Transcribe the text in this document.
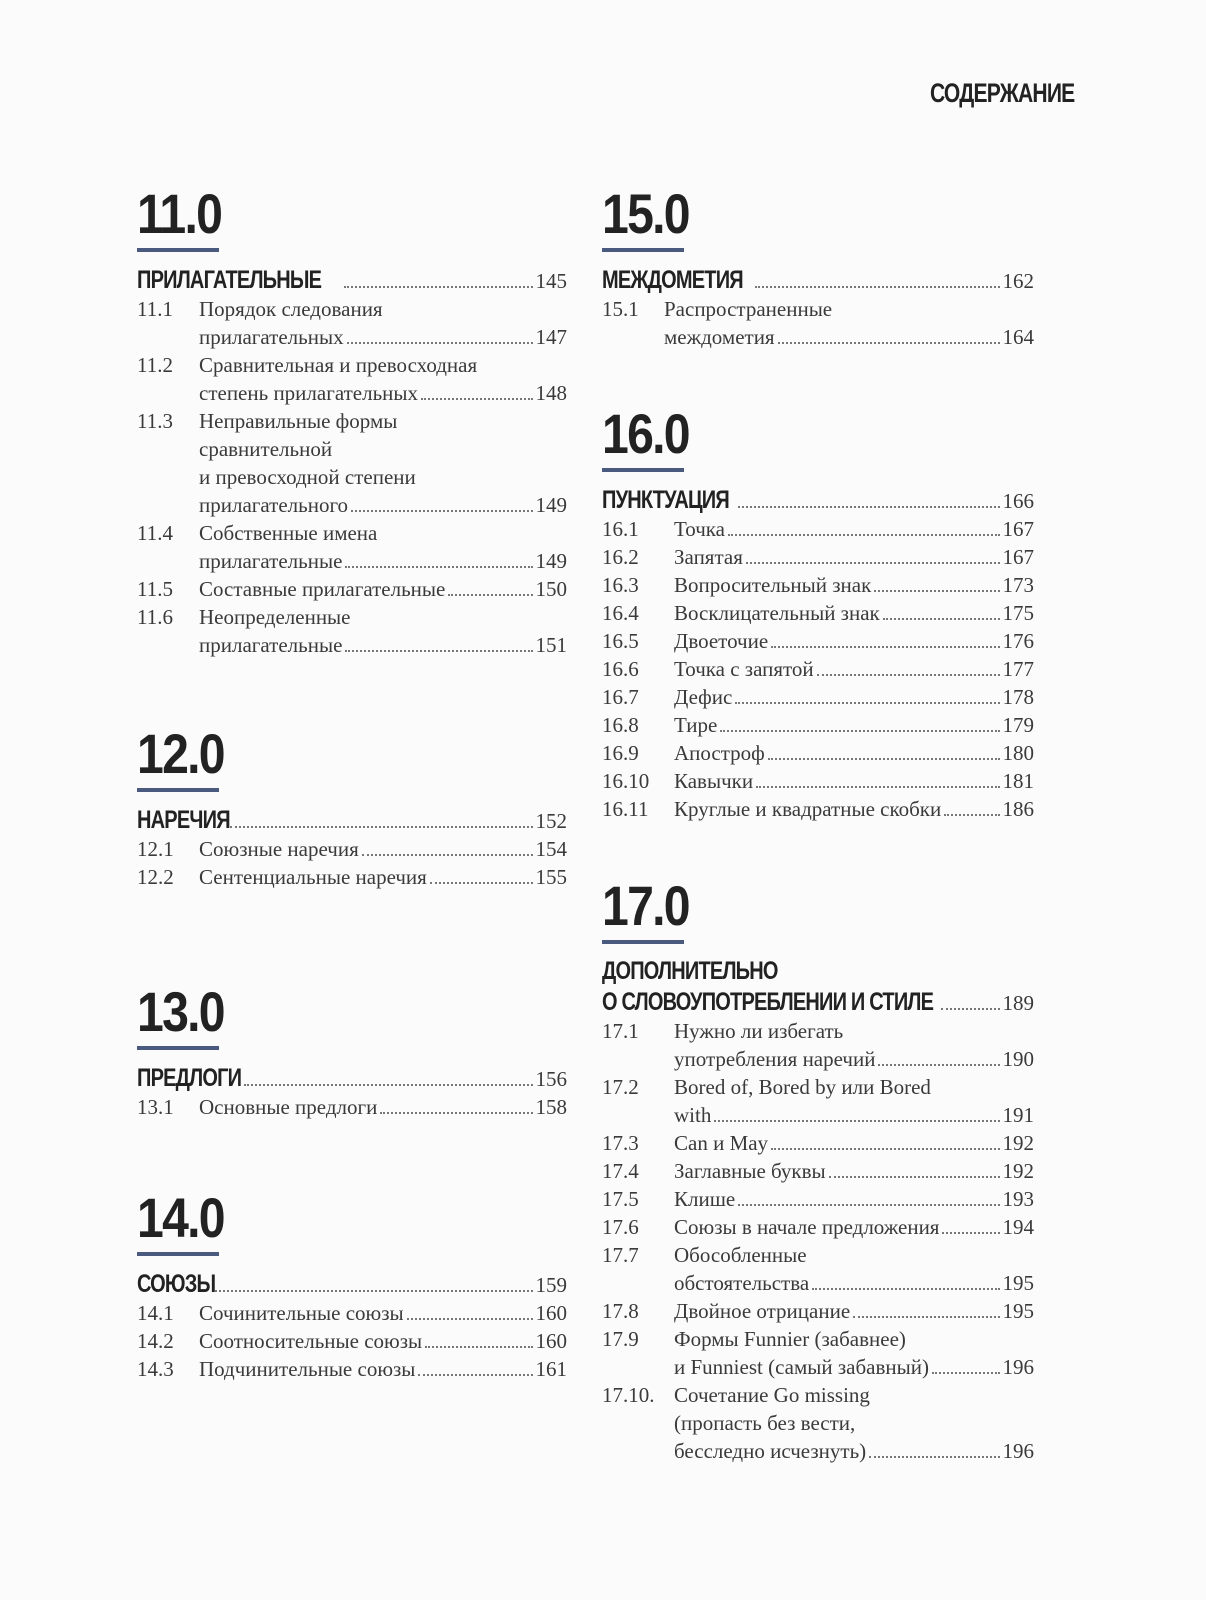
СОДЕРЖАНИЕ
11.0
ПРИЛАГАТЕЛЬНЫЕ	145
11.1	Порядок следования
прилагательных	147
11.2	Сравнительная и превосходная
степень прилагательных	148
11.3	Неправильные формы
сравнительной
и превосходной степени
прилагательного	149
11.4	Собственные имена
прилагательные	149
11.5	Составные прилагательные	150
11.6	Неопределенные
прилагательные	151
12.0
НАРЕЧИЯ	152
12.1	Союзные наречия	154
12.2	Сентенциальные наречия	155
13.0
ПРЕДЛОГИ	156
13.1	Основные предлоги	158
14.0
СОЮЗЫ	159
14.1	Сочинительные союзы	160
14.2	Соотносительные союзы	160
14.3	Подчинительные союзы	161
15.0
МЕЖДОМЕТИЯ	162
15.1	Распространенные
междометия	164
16.0
ПУНКТУАЦИЯ	166
16.1	Точка	167
16.2	Запятая	167
16.3	Вопросительный знак	173
16.4	Восклицательный знак	175
16.5	Двоеточие	176
16.6	Точка с запятой	177
16.7	Дефис	178
16.8	Тире	179
16.9	Апостроф	180
16.10	Кавычки	181
16.11	Круглые и квадратные скобки	186
17.0
ДОПОЛНИТЕЛЬНО
О СЛОВОУПОТРЕБЛЕНИИ И СТИЛЕ	189
17.1	Нужно ли избегать
употребления наречий	190
17.2	Bored of, Bored by или Bored
with	191
17.3	Can и May	192
17.4	Заглавные буквы	192
17.5	Клише	193
17.6	Союзы в начале предложения	194
17.7	Обособленные
обстоятельства	195
17.8	Двойное отрицание	195
17.9	Формы Funnier (забавнее)
и Funniest (самый забавный)	196
17.10. Сочетание Go missing
(пропасть без вести,
бесследно исчезнуть)	196
